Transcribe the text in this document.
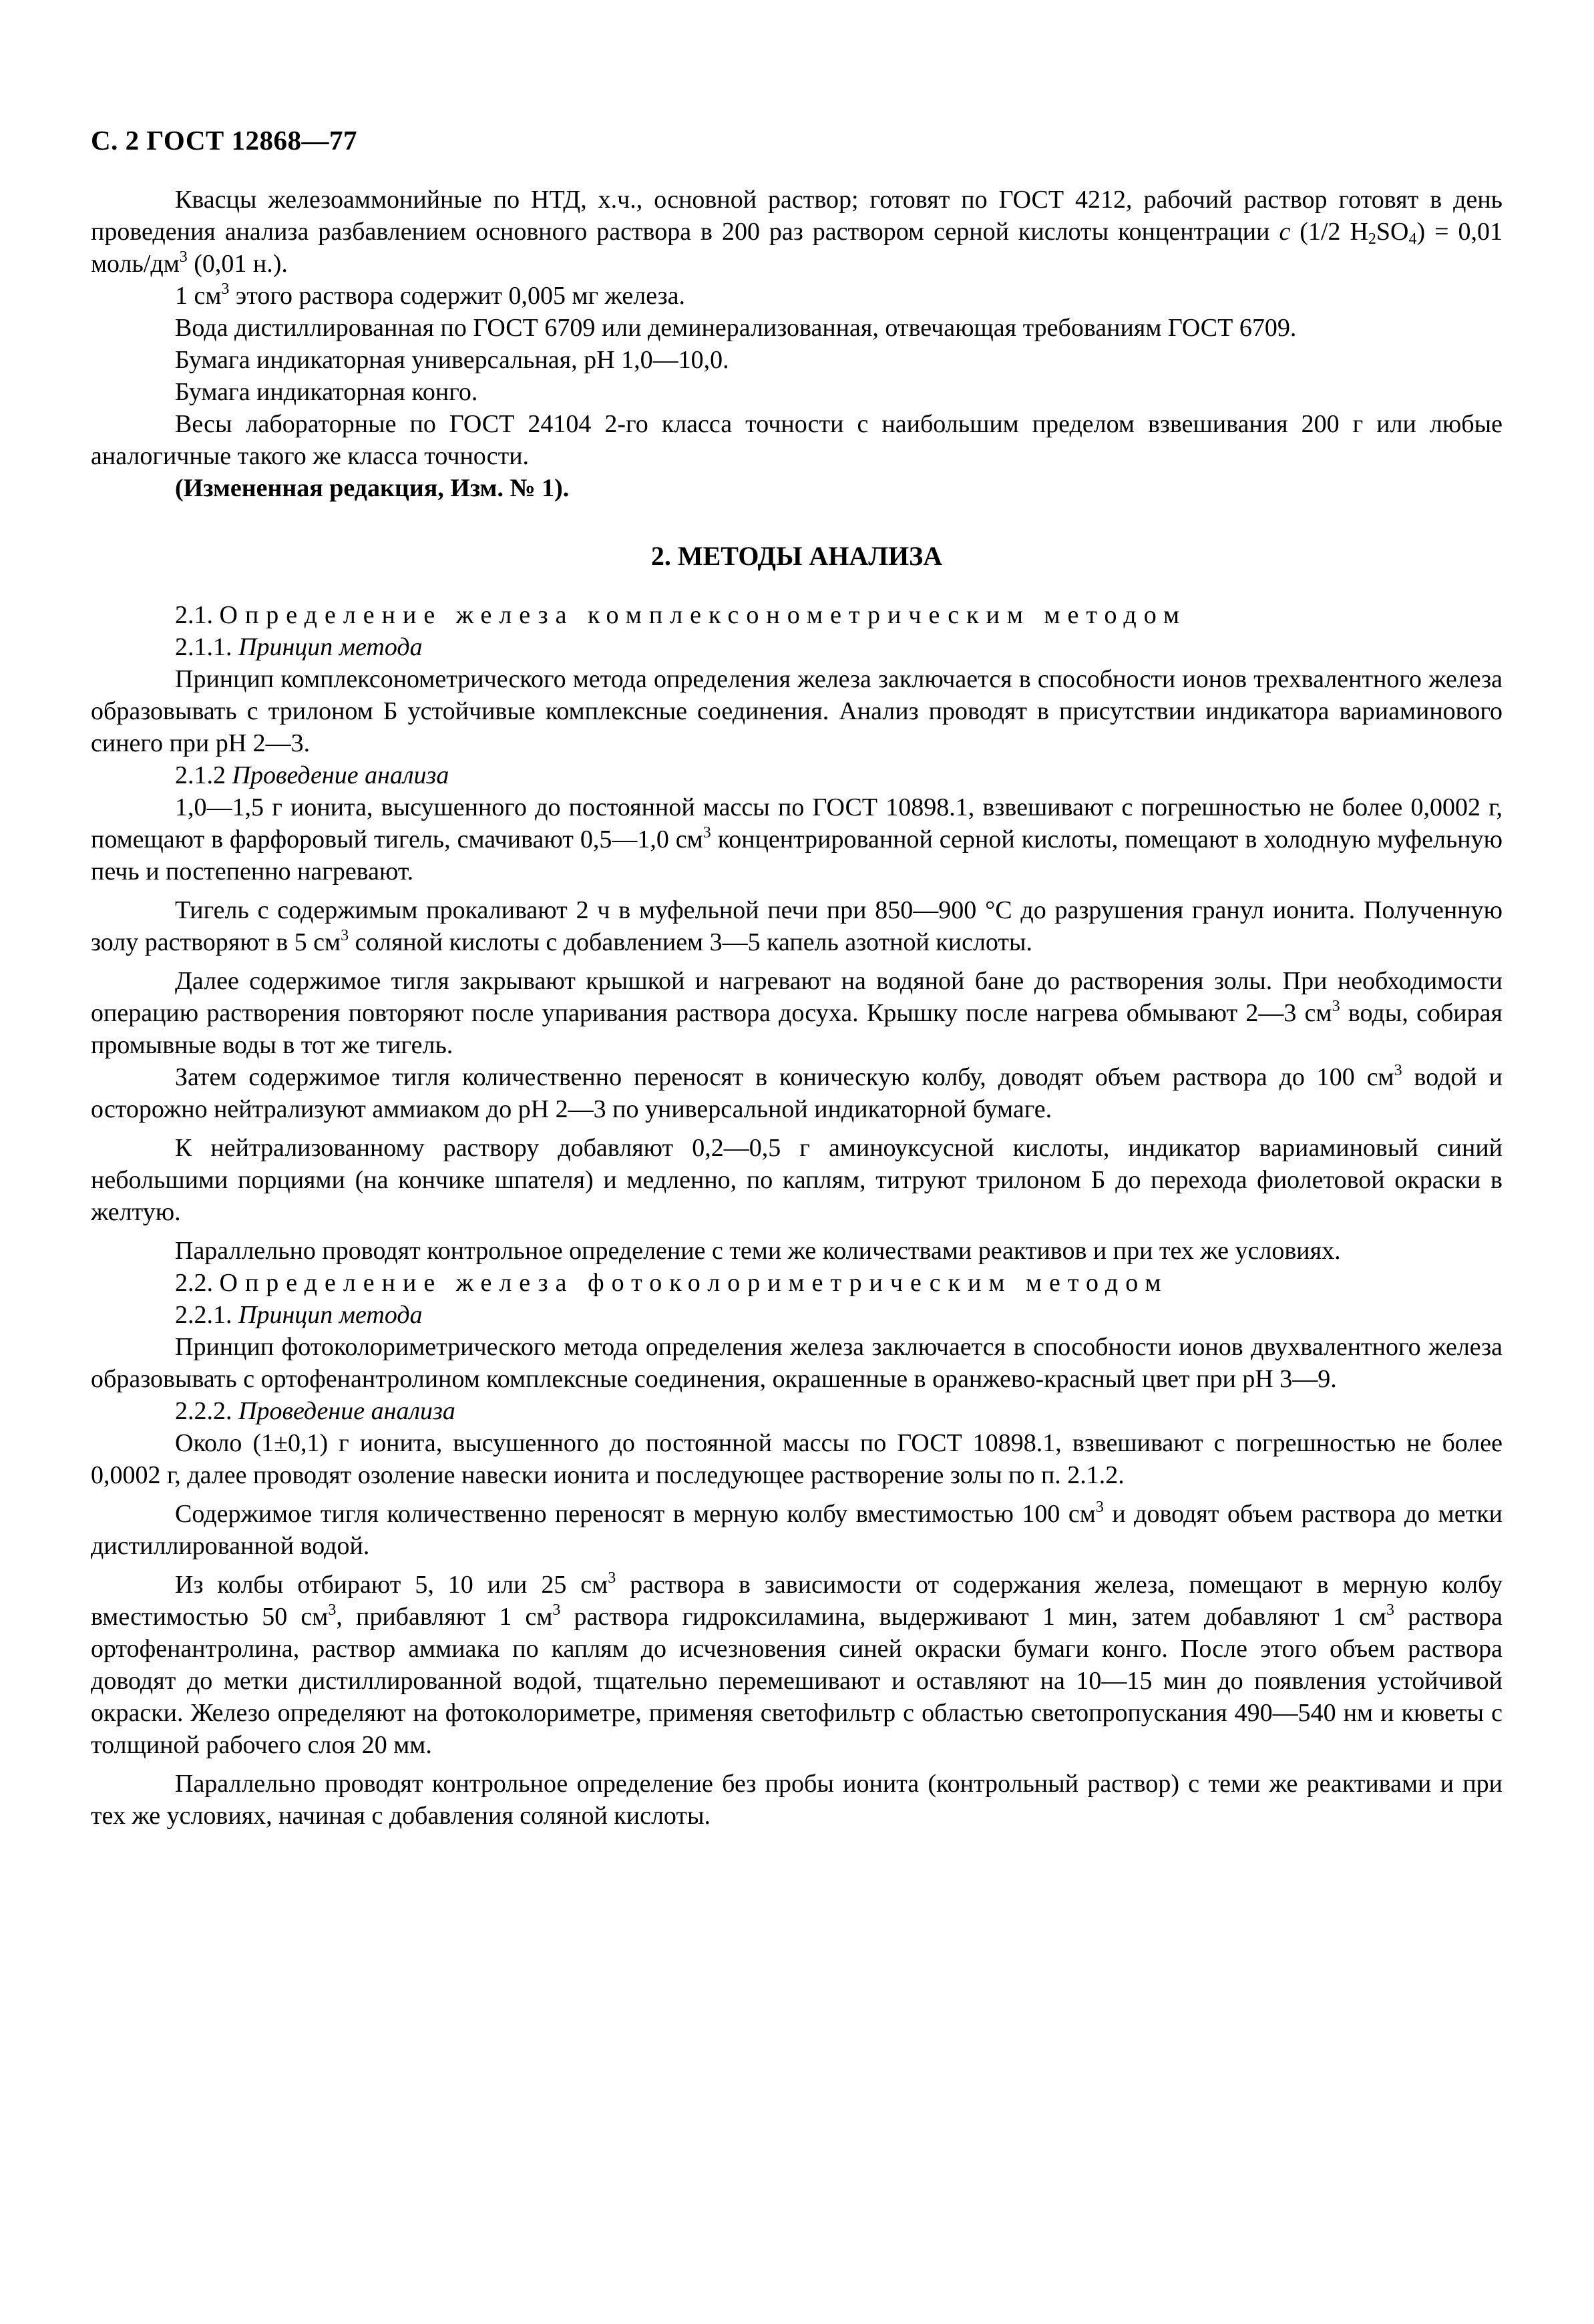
С. 2 ГОСТ 12868—77

Квасцы железоаммонийные по НТД, х.ч., основной раствор; готовят по ГОСТ 4212, рабочий раствор готовят в день проведения анализа разбавлением основного раствора в 200 раз раствором серной кислоты концентрации с (1/2 $H_2SO_4) = 0,01$ моль/$дм^3$ (0,01 н.).

1 $см^3$ этого раствора содержит 0,005 мг железа.

Вода дистиллированная по ГОСТ 6709 или деминерализованная, отвечающая требованиям ГОСТ 6709.

Бумага индикаторная универсальная, pH 1,0—10,0.

Бумага индикаторная конго.

Весы лабораторные по ГОСТ 24104 2-го класса точности с наибольшим пределом взвешивания 200 г или любые аналогичные такого же класса точности.

(Измененная редакция, Изм. № 1).

2. МЕТОДЫ АНАЛИЗА

2.1. Определение железа комплексонометрическим методом

2.1.1. Принцип метода

Принцип комплексонометрического метода определения железа заключается в способности ионов трехвалентного железа образовывать с трилоном Б устойчивые комплексные соединения. Анализ проводят в присутствии индикатора вариаминового синего при pH 2—3.

2.1.2 Проведение анализа

1,0—1,5 г ионита, высушенного до постоянной массы по ГОСТ 10898.1, взвешивают с погрешностью не более 0,0002 г, помещают в фарфоровый тигель, смачивают 0,5—1,0 $см^3$ концентрированной серной кислоты, помещают в холодную муфельную печь и постепенно нагревают.

Тигель с содержимым прокаливают 2 ч в муфельной печи при 850—900 °C до разрушения гранул ионита. Полученную золу растворяют в 5 $см^3$ соляной кислоты с добавлением 3—5 капель азотной кислоты.

Далее содержимое тигля закрывают крышкой и нагревают на водяной бане до растворения золы. При необходимости операцию растворения повторяют после упаривания раствора досуха. Крышку после нагрева обмывают 2—3 $см^3$ воды, собирая промывные воды в тот же тигель.

Затем содержимое тигля количественно переносят в коническую колбу, доводят объем раствора до 100 $см^3$ водой и осторожно нейтрализуют аммиаком до pH 2—3 по универсальной индикаторной бумаге.

К нейтрализованному раствору добавляют 0,2—0,5 г аминоуксусной кислоты, индикатор вариаминовый синий небольшими порциями (на кончике шпателя) и медленно, по каплям, титруют трилоном Б до перехода фиолетовой окраски в желтую.

Параллельно проводят контрольное определение с теми же количествами реактивов и при тех же условиях.

2.2. Определение железа фотоколориметрическим методом

2.2.1. Принцип метода

Принцип фотоколориметрического метода определения железа заключается в способности ионов двухвалентного железа образовывать с ортофенантролином комплексные соединения, окрашенные в оранжево-красный цвет при pH 3—9.

2.2.2. Проведение анализа

Около (1±0,1) г ионита, высушенного до постоянной массы по ГОСТ 10898.1, взвешивают с погрешностью не более 0,0002 г, далее проводят озоление навески ионита и последующее растворение золы по п. 2.1.2.

Содержимое тигля количественно переносят в мерную колбу вместимостью 100 $см^3$ и доводят объем раствора до метки дистиллированной водой.

Из колбы отбирают 5, 10 или 25 $см^3$ раствора в зависимости от содержания железа, помещают в мерную колбу вместимостью 50 $см^3$, прибавляют 1 $см^3$ раствора гидроксиламина, выдерживают 1 мин, затем добавляют 1 $см^3$ раствора ортофенантролина, раствор аммиака по каплям до исчезновения синей окраски бумаги конго. После этого объем раствора доводят до метки дистиллированной водой, тщательно перемешивают и оставляют на 10—15 мин до появления устойчивой окраски. Железо определяют на фотоколориметре, применяя светофильтр с областью светопропускания 490—540 нм и кюветы с толщиной рабочего слоя 20 мм.

Параллельно проводят контрольное определение без пробы ионита (контрольный раствор) с теми же реактивами и при тех же условиях, начиная с добавления соляной кислоты.
